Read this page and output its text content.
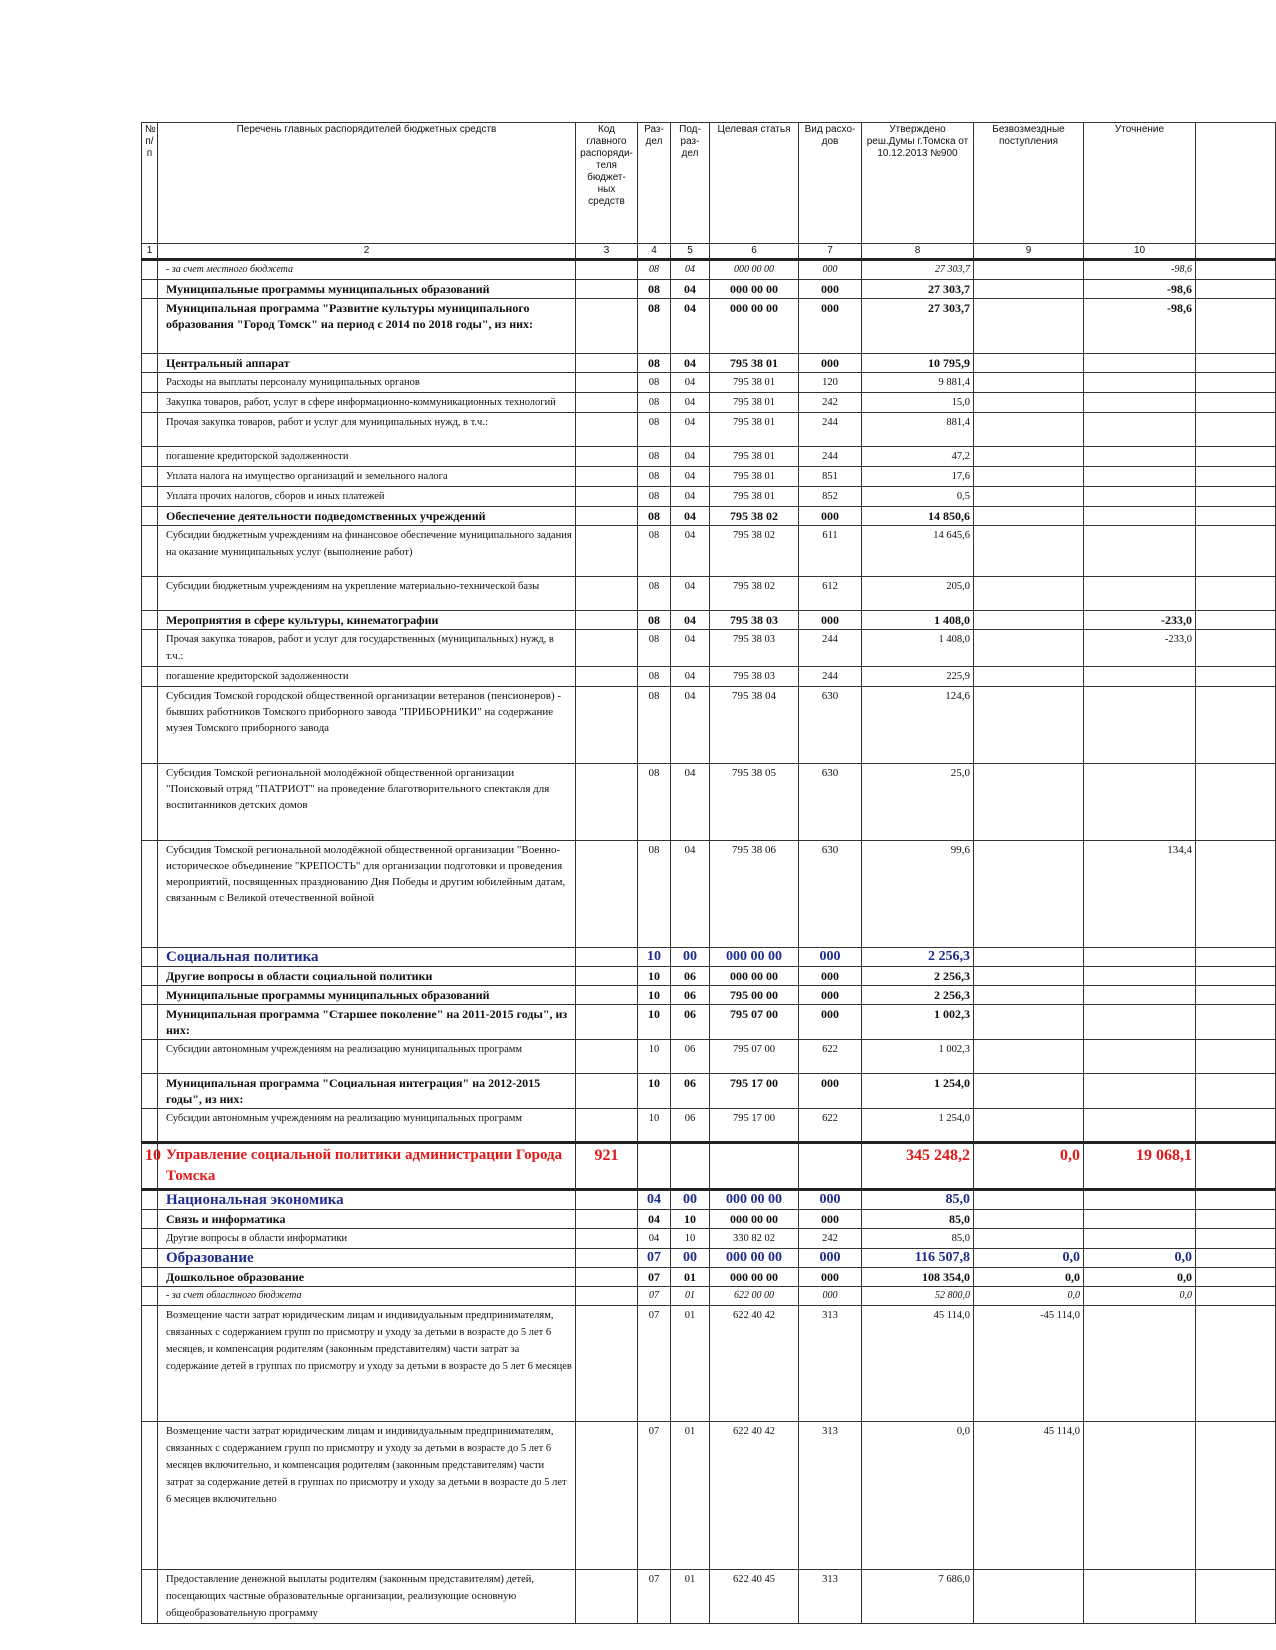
№ п/п	Перечень главных распорядителей бюджетных средств	Код главного распоряди-теля бюджет-ных средств	Раз-дел	Под-раз-дел	Целевая статья	Вид расхо-дов	Утверждено реш.Думы г.Томска от 10.12.2013 №900	Безвозмездные поступления	Уточнение	
1	2	3	4	5	6	7	8	9	10	
	- за счет местного бюджета		08	04	000 00 00	000	27 303,7		-98,6	
	Муниципальные программы муниципальных образований		08	04	000 00 00	000	27 303,7		-98,6	
	Муниципальная программа "Развитие культуры муниципального образования "Город Томск" на период с 2014 по 2018 годы", из них:		08	04	000 00 00	000	27 303,7		-98,6	
	Центральный аппарат		08	04	795 38 01	000	10 795,9			
	Расходы на выплаты персоналу муниципальных органов		08	04	795 38 01	120	9 881,4			
	Закупка товаров, работ, услуг в сфере информационно-коммуникационных технологий		08	04	795 38 01	242	15,0			
	Прочая закупка товаров, работ и услуг для муниципальных нужд, в т.ч.:		08	04	795 38 01	244	881,4			
	погашение кредиторской задолженности		08	04	795 38 01	244	47,2			
	Уплата налога на имущество организаций и земельного налога		08	04	795 38 01	851	17,6			
	Уплата прочих налогов, сборов и иных платежей		08	04	795 38 01	852	0,5			
	Обеспечение деятельности подведомственных учреждений		08	04	795 38 02	000	14 850,6			
	Субсидии бюджетным учреждениям на финансовое обеспечение муниципального задания на оказание муниципальных услуг (выполнение работ)		08	04	795 38 02	611	14 645,6			
	Субсидии бюджетным учреждениям на укрепление материально-технической базы		08	04	795 38 02	612	205,0			
	Мероприятия в сфере культуры, кинематографии		08	04	795 38 03	000	1 408,0		-233,0	
	Прочая закупка товаров, работ и услуг для государственных (муниципальных) нужд, в т.ч.:		08	04	795 38 03	244	1 408,0		-233,0	
	погашение кредиторской задолженности		08	04	795 38 03	244	225,9			
	Субсидия Томской городской общественной организации ветеранов (пенсионеров) - бывших работников Томского приборного завода "ПРИБОРНИКИ" на содержание музея Томского приборного завода		08	04	795 38 04	630	124,6			
	Субсидия Томской региональной молодёжной общественной организации "Поисковый отряд "ПАТРИОТ" на проведение благотворительного спектакля для воспитанников детских домов		08	04	795 38 05	630	25,0			
	Субсидия Томской региональной молодёжной общественной организации "Военно-историческое объединение "КРЕПОСТЬ" для организации подготовки и проведения мероприятий, посвященных празднованию Дня Победы и другим юбилейным датам, связанным с Великой отечественной войной		08	04	795 38 06	630	99,6		134,4	
	Социальная политика		10	00	000 00 00	000	2 256,3			
	Другие вопросы в области социальной политики		10	06	000 00 00	000	2 256,3			
	Муниципальные программы муниципальных образований		10	06	795 00 00	000	2 256,3			
	Муниципальная программа "Старшее поколение" на 2011-2015 годы", из них:		10	06	795 07 00	000	1 002,3			
	Субсидии автономным учреждениям на реализацию муниципальных программ		10	06	795 07 00	622	1 002,3			
	Муниципальная программа "Социальная интеграция" на 2012-2015 годы", из них:		10	06	795 17 00	000	1 254,0			
	Субсидии автономным учреждениям на реализацию муниципальных программ		10	06	795 17 00	622	1 254,0			
10	Управление социальной политики администрации Города Томска	921					345 248,2	0,0	19 068,1	
	Национальная экономика		04	00	000 00 00	000	85,0			
	Связь и информатика		04	10	000 00 00	000	85,0			
	Другие вопросы в области информатики		04	10	330 82 02	242	85,0			
	Образование		07	00	000 00 00	000	116 507,8	0,0	0,0	
	Дошкольное образование		07	01	000 00 00	000	108 354,0	0,0	0,0	
	- за счет областного бюджета		07	01	622 00 00	000	52 800,0	0,0	0,0	
	Возмещение части затрат юридическим лицам и индивидуальным предпринимателям, связанных с содержанием групп по присмотру и уходу за детьми в возрасте до 5 лет 6 месяцев, и компенсация родителям (законным представителям) части затрат за содержание детей в группах по присмотру и уходу за детьми в возрасте до 5 лет 6 месяцев		07	01	622 40 42	313	45 114,0	-45 114,0		
	Возмещение части затрат юридическим лицам и индивидуальным предпринимателям, связанных с содержанием групп по присмотру и уходу за детьми в возрасте до 5 лет 6 месяцев включительно, и компенсация родителям (законным представителям) части затрат за содержание детей в группах по присмотру и уходу за детьми в возрасте до 5 лет 6 месяцев включительно		07	01	622 40 42	313	0,0	45 114,0		
	Предоставление денежной выплаты родителям (законным представителям) детей, посещающих частные образовательные организации, реализующие основную общеобразовательную программу		07	01	622 40 45	313	7 686,0			
